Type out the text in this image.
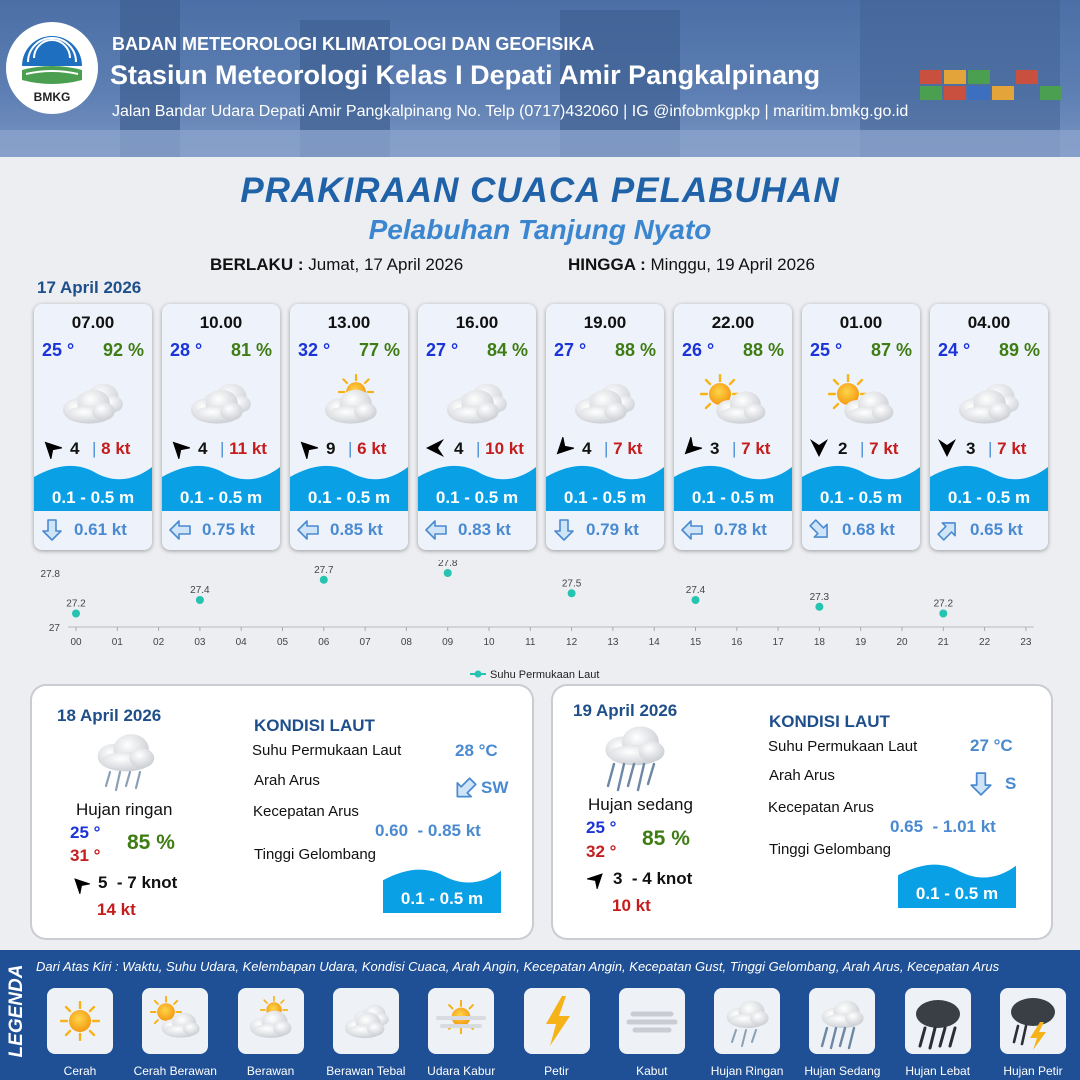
BMKG
BADAN METEOROLOGI KLIMATOLOGI DAN GEOFISIKA
Stasiun Meteorologi Kelas I Depati Amir Pangkalpinang
Jalan Bandar Udara Depati Amir Pangkalpinang No. Telp (0717)432060 | IG @infobmkgpkp | maritim.bmkg.go.id
PRAKIRAAN CUACA PELABUHAN
Pelabuhan Tanjung Nyato
BERLAKU : Jumat, 17 April 2026	HINGGA : Minggu, 19 April 2026
17 April 2026
07.00
25 ° 92 %
4 | 8 kt
0.1 - 0.5 m
0.61 kt
10.00
28 ° 81 %
4 | 11 kt
0.1 - 0.5 m
0.75 kt
13.00
32 ° 77 %
9 | 6 kt
0.1 - 0.5 m
0.85 kt
16.00
27 ° 84 %
4 | 10 kt
0.1 - 0.5 m
0.83 kt
19.00
27 ° 88 %
4 | 7 kt
0.1 - 0.5 m
0.79 kt
22.00
26 ° 88 %
3 | 7 kt
0.1 - 0.5 m
0.78 kt
01.00
25 ° 87 %
2 | 7 kt
0.1 - 0.5 m
0.68 kt
04.00
24 ° 89 %
3 | 7 kt
0.1 - 0.5 m
0.65 kt
00	01	02	03	04	05	06	07	08	09	10	11	12	13	14	15	16	17	18	19	20	21	22	23
27.8
27
27.2
27.4
27.7
27.8
27.5
27.4
27.3
27.2
Suhu Permukaan Laut
18 April 2026
Hujan ringan
25 °
31 °
85 %
5  - 7 knot
14 kt
KONDISI LAUT
Suhu Permukaan Laut	28 °C
Arah Arus	SW
Kecepatan Arus
0.60  - 0.85 kt
Tinggi Gelombang
0.1 - 0.5 m
19 April 2026
Hujan sedang
25 °
32 °
85 %
3  - 4 knot
10 kt
KONDISI LAUT
Suhu Permukaan Laut	27 °C
Arah Arus	S
Kecepatan Arus
0.65  - 1.01 kt
Tinggi Gelombang
0.1 - 0.5 m
LEGENDA Dari Atas Kiri : Waktu, Suhu Udara, Kelembapan Udara, Kondisi Cuaca, Arah Angin, Kecepatan Angin, Kecepatan Gust, Tinggi Gelombang, Arah Arus, Kecepatan Arus
Cerah	Cerah Berawan	Berawan	Berawan Tebal	Udara Kabur	Petir	Kabut	Hujan Ringan	Hujan Sedang	Hujan Lebat	Hujan Petir
